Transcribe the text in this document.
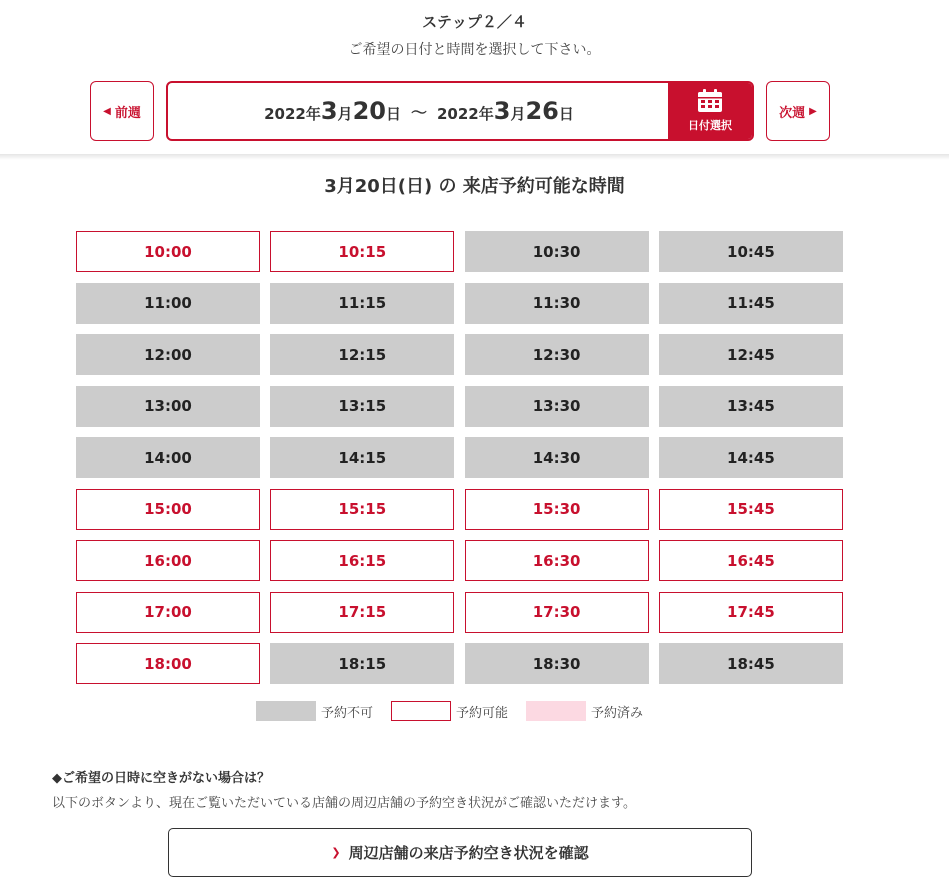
ステップ２／４
ご希望の日付と時間を選択して下さい。
◀ 前週	2022年 3 月 20 日 ～ 2022年 3 月 26 日
日付選択
次週 ▶
3月20日(日) の 来店予約可能な時間
10:00	10:15	10:30	10:45
11:00	11:15	11:30	11:45
12:00	12:15	12:30	12:45
13:00	13:15	13:30	13:45
14:00	14:15	14:30	14:45
15:00	15:15	15:30	15:45
16:00	16:15	16:30	16:45
17:00	17:15	17:30	17:45
18:00	18:15	18:30	18:45
予約不可	予約可能	予約済み
◆ご希望の日時に空きがない場合は？
以下のボタンより、現在ご覧いただいている店舗の周辺店舗の予約空き状況がご確認いただけます。
❯ 周辺店舗の来店予約空き状況を確認
